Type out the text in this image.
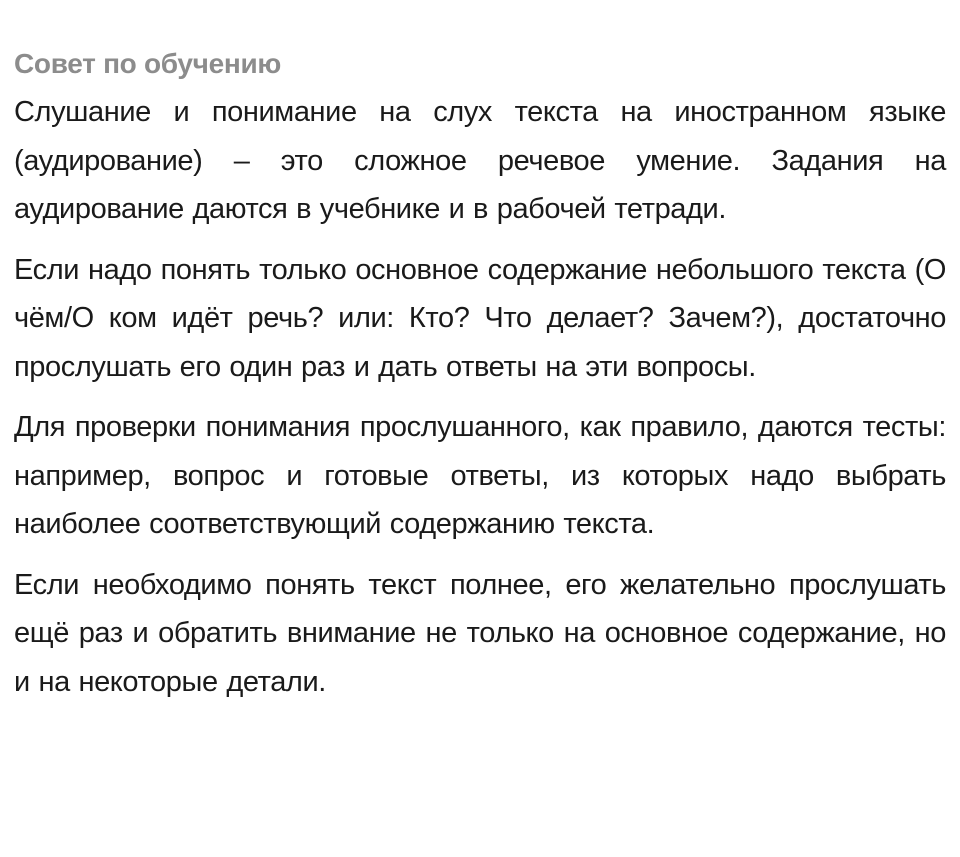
Совет по обучению

Слушание и понимание на слух текста на иностранном языке (аудирование) – это сложное речевое умение. Задания на аудирование даются в учебнике и в рабочей тетради.

Если надо понять только основное содержание небольшого текста (О чём/О ком идёт речь? или: Кто? Что делает? Зачем?), достаточно прослушать его один раз и дать ответы на эти вопросы.

Для проверки понимания прослушанного, как правило, даются тесты: например, вопрос и готовые ответы, из которых надо выбрать наиболее соответствующий содержанию текста.

Если необходимо понять текст полнее, его желательно прослушать ещё раз и обратить внимание не только на основное содержание, но и на некоторые детали.
